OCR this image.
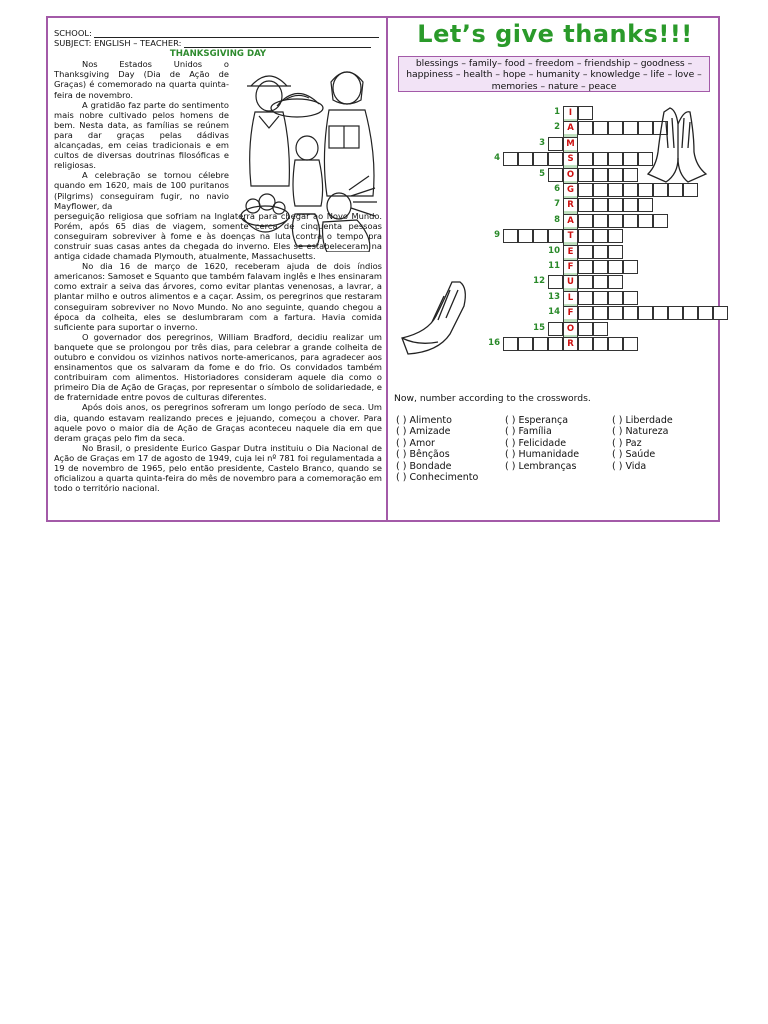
SCHOOL:
SUBJECT: ENGLISH – TEACHER:
THANKSGIVING DAY

Nos Estados Unidos o Thanksgiving Day (Dia de Ação de Graças) é comemorado na quarta quinta-feira de novembro.

A gratidão faz parte do sentimento mais nobre cultivado pelos homens de bem. Nesta data, as famílias se reúnem para dar graças pelas dádivas alcançadas, em ceias tradicionais e em cultos de diversas doutrinas filosóficas e religiosas.

A celebração se tornou célebre quando em 1620, mais de 100 puritanos (Pilgrims) conseguiram fugir, no navio Mayflower, da

perseguição religiosa que sofriam na Inglaterra para chegar ao Novo Mundo. Porém, após 65 dias de viagem, somente cerca de cinquenta pessoas conseguiram sobreviver à fome e às doenças na luta contra o tempo pra construir suas casas antes da chegada do inverno. Eles se estabeleceram na antiga cidade chamada Plymouth, atualmente, Massachusetts.

No dia 16 de março de 1620, receberam ajuda de dois índios americanos: Samoset e Squanto que também falavam inglês e lhes ensinaram como extrair a seiva das árvores, como evitar plantas venenosas, a lavrar, a plantar milho e outros alimentos e a caçar. Assim, os peregrinos que restaram conseguiram sobreviver no Novo Mundo. No ano seguinte, quando chegou a época da colheita, eles se deslumbraram com a fartura. Havia comida suficiente para suportar o inverno.

O governador dos peregrinos, William Bradford, decidiu realizar um banquete que se prolongou por três dias, para celebrar a grande colheita de outubro e convidou os vizinhos nativos norte-americanos, para agradecer aos ensinamentos que os salvaram da fome e do frio. Os convidados também contribuiram com alimentos. Historiadores consideram aquele dia como o primeiro Dia de Ação de Graças, por representar o símbolo de solidariedade, e de fraternidade entre povos de culturas diferentes.

Após dois anos, os peregrinos sofreram um longo período de seca. Um dia, quando estavam realizando preces e jejuando, começou a chover. Para aquele povo o maior dia de Ação de Graças aconteceu naquele dia em que deram graças pelo fim da seca.

No Brasil, o presidente Eurico Gaspar Dutra instituiu o Dia Nacional de Ação de Graças em 17 de agosto de 1949, cuja lei nº 781 foi regulamentada a 19 de novembro de 1965, pelo então presidente, Castelo Branco, quando se oficializou a quarta quinta-feira do mês de novembro para a comemoração em todo o território nacional.

Let’s give thanks!!!
blessings – family– food – freedom – friendship – goodness – happiness – health – hope – humanity – knowledge – life – love –memories – nature – peace
1	I
2 A
3	M
4	S
5	O
6 G
7 R
8 A
9	T
10 E
11 F
12	U
13 L
14 F
15	O
16	R
Now, number according to the crosswords.
( ) Alimento
( ) Amizade
( ) Amor
( ) Bênçãos
( ) Bondade
( ) Conhecimento
( ) Esperança
( ) Família
( ) Felicidade
( ) Humanidade
( ) Lembranças
( ) Liberdade
( ) Natureza
( ) Paz
( ) Saúde
( ) Vida
